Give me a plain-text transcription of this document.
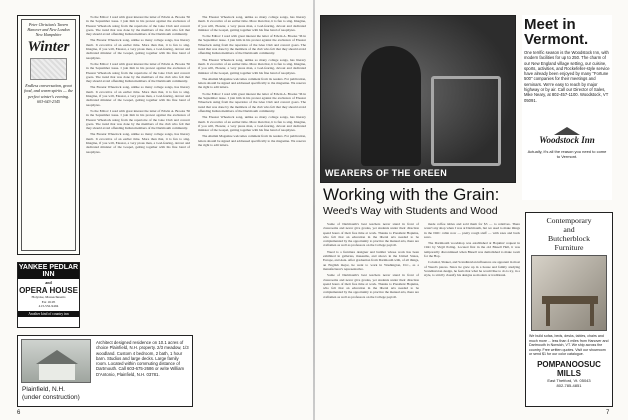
Peter Christian's Tavern
Hanover and New London New Hampshire
Winter
Endless conversation, great food, and warm spirits — the perfect winter's evening.
603-643-2345
YANKEE PEDLAR INN
and
OPERA HOUSE
Holyoke, Massachusetts
Eat 16.95
413-532-9494
Another kind of country inn
Plainfield, N.H.
(under construction)
Architect designed residence on 10.1 acres of choice Plainfield, N.H. property. 2/3 meadow, 1/3 woodland. Custom 4 bedroom, 2 bath, 1 hour barn. Studios and large decks. Large family room. Located within commuting distance of Dartmouth. Call 603-675-2686 or write William D'Antonio, Plainfield, N.H. 03781.

To the Editor: I read with great interest the letter of Edwin A. Brooks '36 in the September issue. I join him in his protest against the exclusion of Eleazar Wheelock using from the repertoire of the Glee Club and concert goers. The trend that was done by the members of the club who felt that they should avoid offending Indian members of the Dartmouth community.

The Eleazar Wheelock song, unlike so many college songs, has literary merit. It evocative of an earlier time. More than that, it is fun to sing. Imagine, if you will, Eleazar, a very pious man, a God-fearing, devout and dedicated minister of the Gospel, getting together with his fine band of neophytes.

To the Editor: I read with great interest the letter of Edwin A. Brooks '36 in the September issue. I join him in his protest against the exclusion of Eleazar Wheelock using from the repertoire of the Glee Club and concert goers. The trend that was done by the members of the club who felt that they should avoid offending Indian members of the Dartmouth community.

The Eleazar Wheelock song, unlike so many college songs, has literary merit. It evocative of an earlier time. More than that, it is fun to sing. Imagine, if you will, Eleazar, a very pious man, a God-fearing, devout and dedicated minister of the Gospel, getting together with his fine band of neophytes.

To the Editor: I read with great interest the letter of Edwin A. Brooks '36 in the September issue. I join him in his protest against the exclusion of Eleazar Wheelock using from the repertoire of the Glee Club and concert goers. The trend that was done by the members of the club who felt that they should avoid offending Indian members of the Dartmouth community.

The Eleazar Wheelock song, unlike so many college songs, has literary merit. It evocative of an earlier time. More than that, it is fun to sing. Imagine, if you will, Eleazar, a very pious man, a God-fearing, devout and dedicated minister of the Gospel, getting together with his fine band of neophytes.

The Eleazar Wheelock song, unlike so many college songs, has literary merit. It evocative of an earlier time. More than that, it is fun to sing. Imagine, if you will, Eleazar, a very pious man, a God-fearing, devout and dedicated minister of the Gospel, getting together with his fine band of neophytes.

To the Editor: I read with great interest the letter of Edwin A. Brooks '36 in the September issue. I join him in his protest against the exclusion of Eleazar Wheelock using from the repertoire of the Glee Club and concert goers. The trend that was done by the members of the club who felt that they should avoid offending Indian members of the Dartmouth community.

The Eleazar Wheelock song, unlike so many college songs, has literary merit. It evocative of an earlier time. More than that, it is fun to sing. Imagine, if you will, Eleazar, a very pious man, a God-fearing, devout and dedicated minister of the Gospel, getting together with his fine band of neophytes.

The Alumni Magazine welcomes comment from its readers. For publication, letters should be signed and addressed specifically to the magazine. We reserve the right to edit letters.

To the Editor: I read with great interest the letter of Edwin A. Brooks '36 in the September issue. I join him in his protest against the exclusion of Eleazar Wheelock using from the repertoire of the Glee Club and concert goers. The trend that was done by the members of the club who felt that they should avoid offending Indian members of the Dartmouth community.

The Eleazar Wheelock song, unlike so many college songs, has literary merit. It evocative of an earlier time. More than that, it is fun to sing. Imagine, if you will, Eleazar, a very pious man, a God-fearing, devout and dedicated minister of the Gospel, getting together with his fine band of neophytes.

The Alumni Magazine welcomes comment from its readers. For publication, letters should be signed and addressed specifically to the magazine. We reserve the right to edit letters.

6
WEARERS OF THE GREEN
Working with the Grain:
Weed's Way with Students and Wood

Some of Dartmouth's best teachers never stand in front of classrooms and never give grades, yet students under their direction spend hours of their free time at work. Thanks to President Hopkins, who felt that an education in the liberal arts needed to be complemented by the opportunity to practice the manual arts, there are craftsmen as well as professors on the College payroll.

Weed is a furniture designer and builder whose work has been exhibited in galleries, museums, and shows in the United States, Europe, and Asia. After graduation from Dartmouth with, of all things, an English major, he went to work in Washington, D.C., as a manufacturer's representative.

Some of Dartmouth's best teachers never stand in front of classrooms and never give grades, yet students under their direction spend hours of their free time at work. Thanks to President Hopkins, who felt that an education in the liberal arts needed to be complemented by the opportunity to practice the manual arts, there are craftsmen as well as professors on the College payroll.

made coffee tables and sold them for $3 — to relatives. There wasn't any shop when I was at Dartmouth, but we used to make things in the DOC cabin now — pretty rough stuff — with axes and buck saws.

The Dartmouth woodshop was established at Hopkins' request in 1941 by Virgil Poling. Located first in the old Bissell Hall, it was temporarily discontinued when Bissell was demolished to make room for the Hop.

Colonial, Shaker, and Scandinavian influences are apparent in most of Weed's pieces. Since he grew up in a house and family studying Scandinavian design, he feels that what he would like to do is try, in a style, to strictly classify his designs as modern or traditional.

Meet in Vermont.
One terrific season is the Woodstock Inn, with modern facilities for up to 250. The charm of our New England village setting, our cuisine, sports, activities, and Rockefeller-style service have already been enjoyed by many "Fortune 500" companies for their meetings and seminars. We're easy to reach by major highway or by air. Call our Director of Sales, Mike Neary, at 802-457-1100. Woodstock, VT 05091.
Woodstock Inn
Actually, it's all the reason you need to come to Vermont.
Contemporary
and
Butcherblock
Furniture
We build sofas, beds, desks, tables, chairs and much more ... less than 4 miles from Hanover and Dartmouth in Norwich, VT. We ship across the country. Free written quotes. Visit our showroom or send $1 for our color catalogue.
POMPANOOSUC
MILLS
East Thetford, Vt. 05043
802-785-4851
7
